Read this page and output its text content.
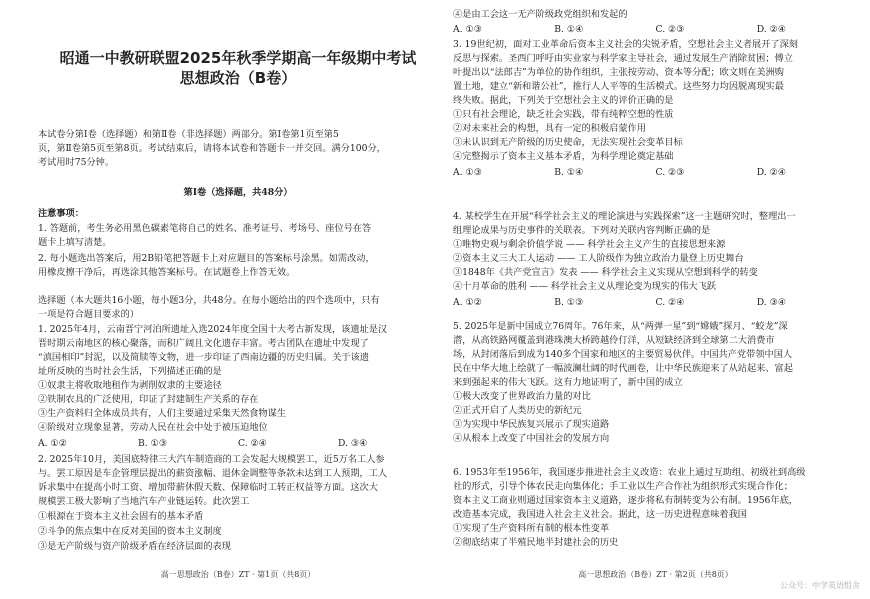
昭通一中教研联盟2025年秋季学期高一年级期中考试
思想政治（B卷）
本试卷分第Ⅰ卷（选择题）和第Ⅱ卷（非选择题）两部分。第Ⅰ卷第1页至第5
页，第Ⅱ卷第5页至第8页。考试结束后，请将本试卷和答题卡一并交回。满分100分，
考试用时75分钟。
第Ⅰ卷（选择题，共48分）
注意事项：
1. 答题前，考生务必用黑色碳素笔将自己的姓名、准考证号、考场号、座位号在答
题卡上填写清楚。
2. 每小题选出答案后，用2B铅笔把答题卡上对应题目的答案标号涂黑。如需改动，
用橡皮擦干净后，再选涂其他答案标号。在试题卷上作答无效。
选择题（本大题共16小题，每小题3分，共48分。在每小题给出的四个选项中，只有
一项是符合题目要求的）
1. 2025年4月，云南晋宁河泊所遗址入选2024年度全国十大考古新发现，该遗址是汉
晋时期云南地区的核心聚落，而积广阔且文化遗存丰富。考古团队在遗址中发现了
“滇国相印”封泥，以及简牍等文物，进一步印证了西南边疆的历史归属。关于该遗
址所反映的当时社会生活，下列描述正确的是
①奴隶主将收取地租作为剥削奴隶的主要途径
②铁制农具的广泛使用，印证了封建制生产关系的存在
③生产资料归全体成员共有，人们主要通过采集天然食物谋生
④阶级对立现象显著，劳动人民在社会中处于被压迫地位
A. ①②	B. ①③	C. ②④	D. ③④
2. 2025年10月，美国底特律三大汽车制造商的工会发起大规模罢工，近5万名工人参
与。罢工原因是车企管理层提出的薪资涨幅、退休金调整等条款未达到工人预期，工人
诉求集中在提高小时工资、增加带薪休假天数、保障临时工转正权益等方面。这次大
规模罢工极大影响了当地汽车产业链运转。此次罢工
①根源在于资本主义社会固有的基本矛盾
②斗争的焦点集中在反对美国的资本主义制度
③是无产阶级与资产阶级矛盾在经济层面的表现
高一思想政治（B卷）ZT · 第1页（共8页）
④是由工会这一无产阶级政党组织和发起的
A. ①③	B. ①④	C. ②③	D. ②④
3. 19世纪初，面对工业革命后资本主义社会的尖锐矛盾，空想社会主义者展开了深刻
反思与探索。圣西门呼吁由实业家与科学家主导社会，通过发展生产消除贫困；傅立
叶提出以“法郎吉”为单位的协作组织，主张按劳动、资本等分配；欧文则在美洲购
置土地，建立“新和谐公社”，推行人人平等的生活模式。这些努力均因脱离现实最
终失败。据此，下列关于空想社会主义的评价正确的是
①只有社会理论，缺乏社会实践，带有纯粹空想的性质
②对未来社会的构想，具有一定的积极启蒙作用
③未认识到无产阶级的历史使命，无法实现社会变革目标
④完整揭示了资本主义基本矛盾，为科学理论奠定基础
A. ①③	B. ①④	C. ②③	D. ②④
4. 某校学生在开展“科学社会主义的理论演进与实践探索”这一主题研究时，整理出一
组理论成果与历史事件的关联表。下列对关联内容判断正确的是
①唯物史观与剩余价值学说 —— 科学社会主义产生的直接思想来源
②资本主义三大工人运动 —— 工人阶级作为独立政治力量登上历史舞台
③1848年《共产党宣言》发表 —— 科学社会主义实现从空想到科学的转变
④十月革命的胜利 —— 科学社会主义从理论变为现实的伟大飞跃
A. ①②	B. ①③	C. ②④	D. ③④
5. 2025年是新中国成立76周年。76年来，从“两弹一星”到“嫦娥”探月、“蛟龙”深
潜，从高铁路网覆盖到港珠澳大桥跨越伶仃洋，从短缺经济到全球第二大消费市
场，从封闭落后到成为140多个国家和地区的主要贸易伙伴。中国共产党带领中国人
民在中华大地上绘就了一幅波澜壮阔的时代画卷，让中华民族迎来了从站起来、富起
来到强起来的伟大飞跃。这有力地证明了，新中国的成立
①极大改变了世界政治力量的对比
②正式开启了人类历史的新纪元
③为实现中华民族复兴展示了现实道路
④从根本上改变了中国社会的发展方向
6. 1953年至1956年，我国逐步推进社会主义改造：农业上通过互助组、初级社到高级
社的形式，引导个体农民走向集体化；手工业以生产合作社为组织形式实现合作化；
资本主义工商业则通过国家资本主义道路，逐步将私有制转变为公有制。1956年底，
改造基本完成，我国进入社会主义社会。据此，这一历史进程意味着我国
①实现了生产资料所有制的根本性变革
②彻底结束了半殖民地半封建社会的历史
高一思想政治（B卷）ZT · 第2页（共8页）
公众号：中学英语组舍
